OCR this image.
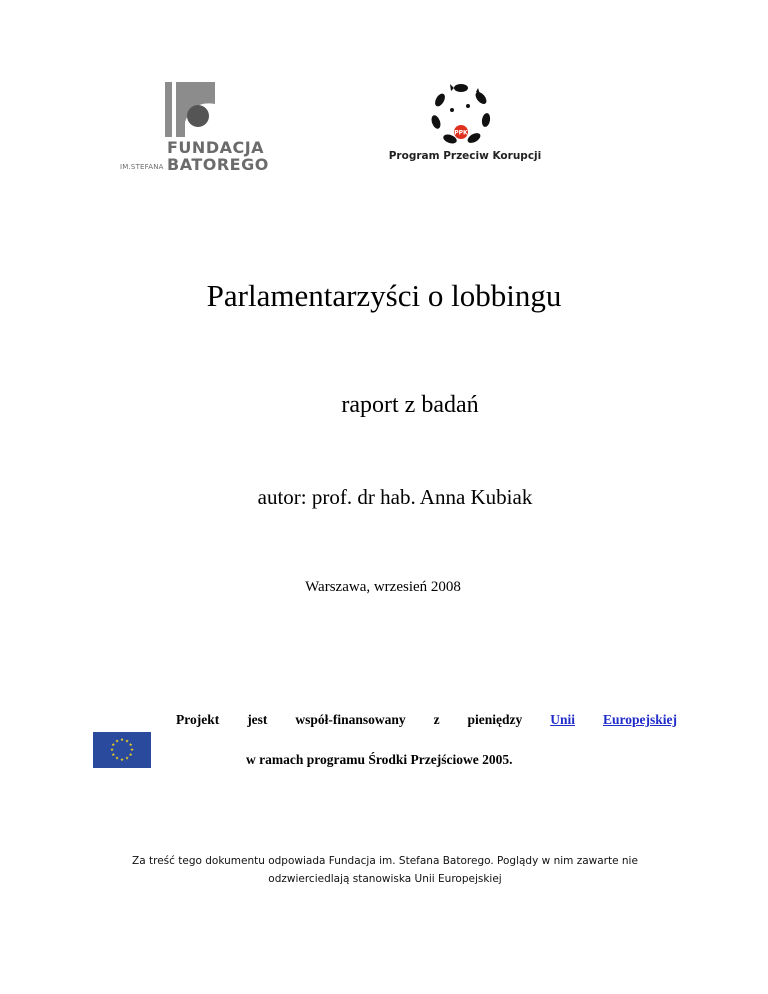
FUNDACJA
IM.STEFANA BATOREGO
PPK
Program Przeciw Korupcji
Parlamentarzyści o lobbingu
raport z badań
autor: prof. dr hab. Anna Kubiak
Warszawa, wrzesień 2008
★ ★
★
★
★
★
★
★
★
★
★
★
Projekt jest współ-finansowany z pieniędzy Unii Europejskiej
w ramach programu Środki Przejściowe 2005.
Za treść tego dokumentu odpowiada Fundacja im. Stefana Batorego. Poglądy w nim zawarte nie
odzwierciedlają stanowiska Unii Europejskiej
